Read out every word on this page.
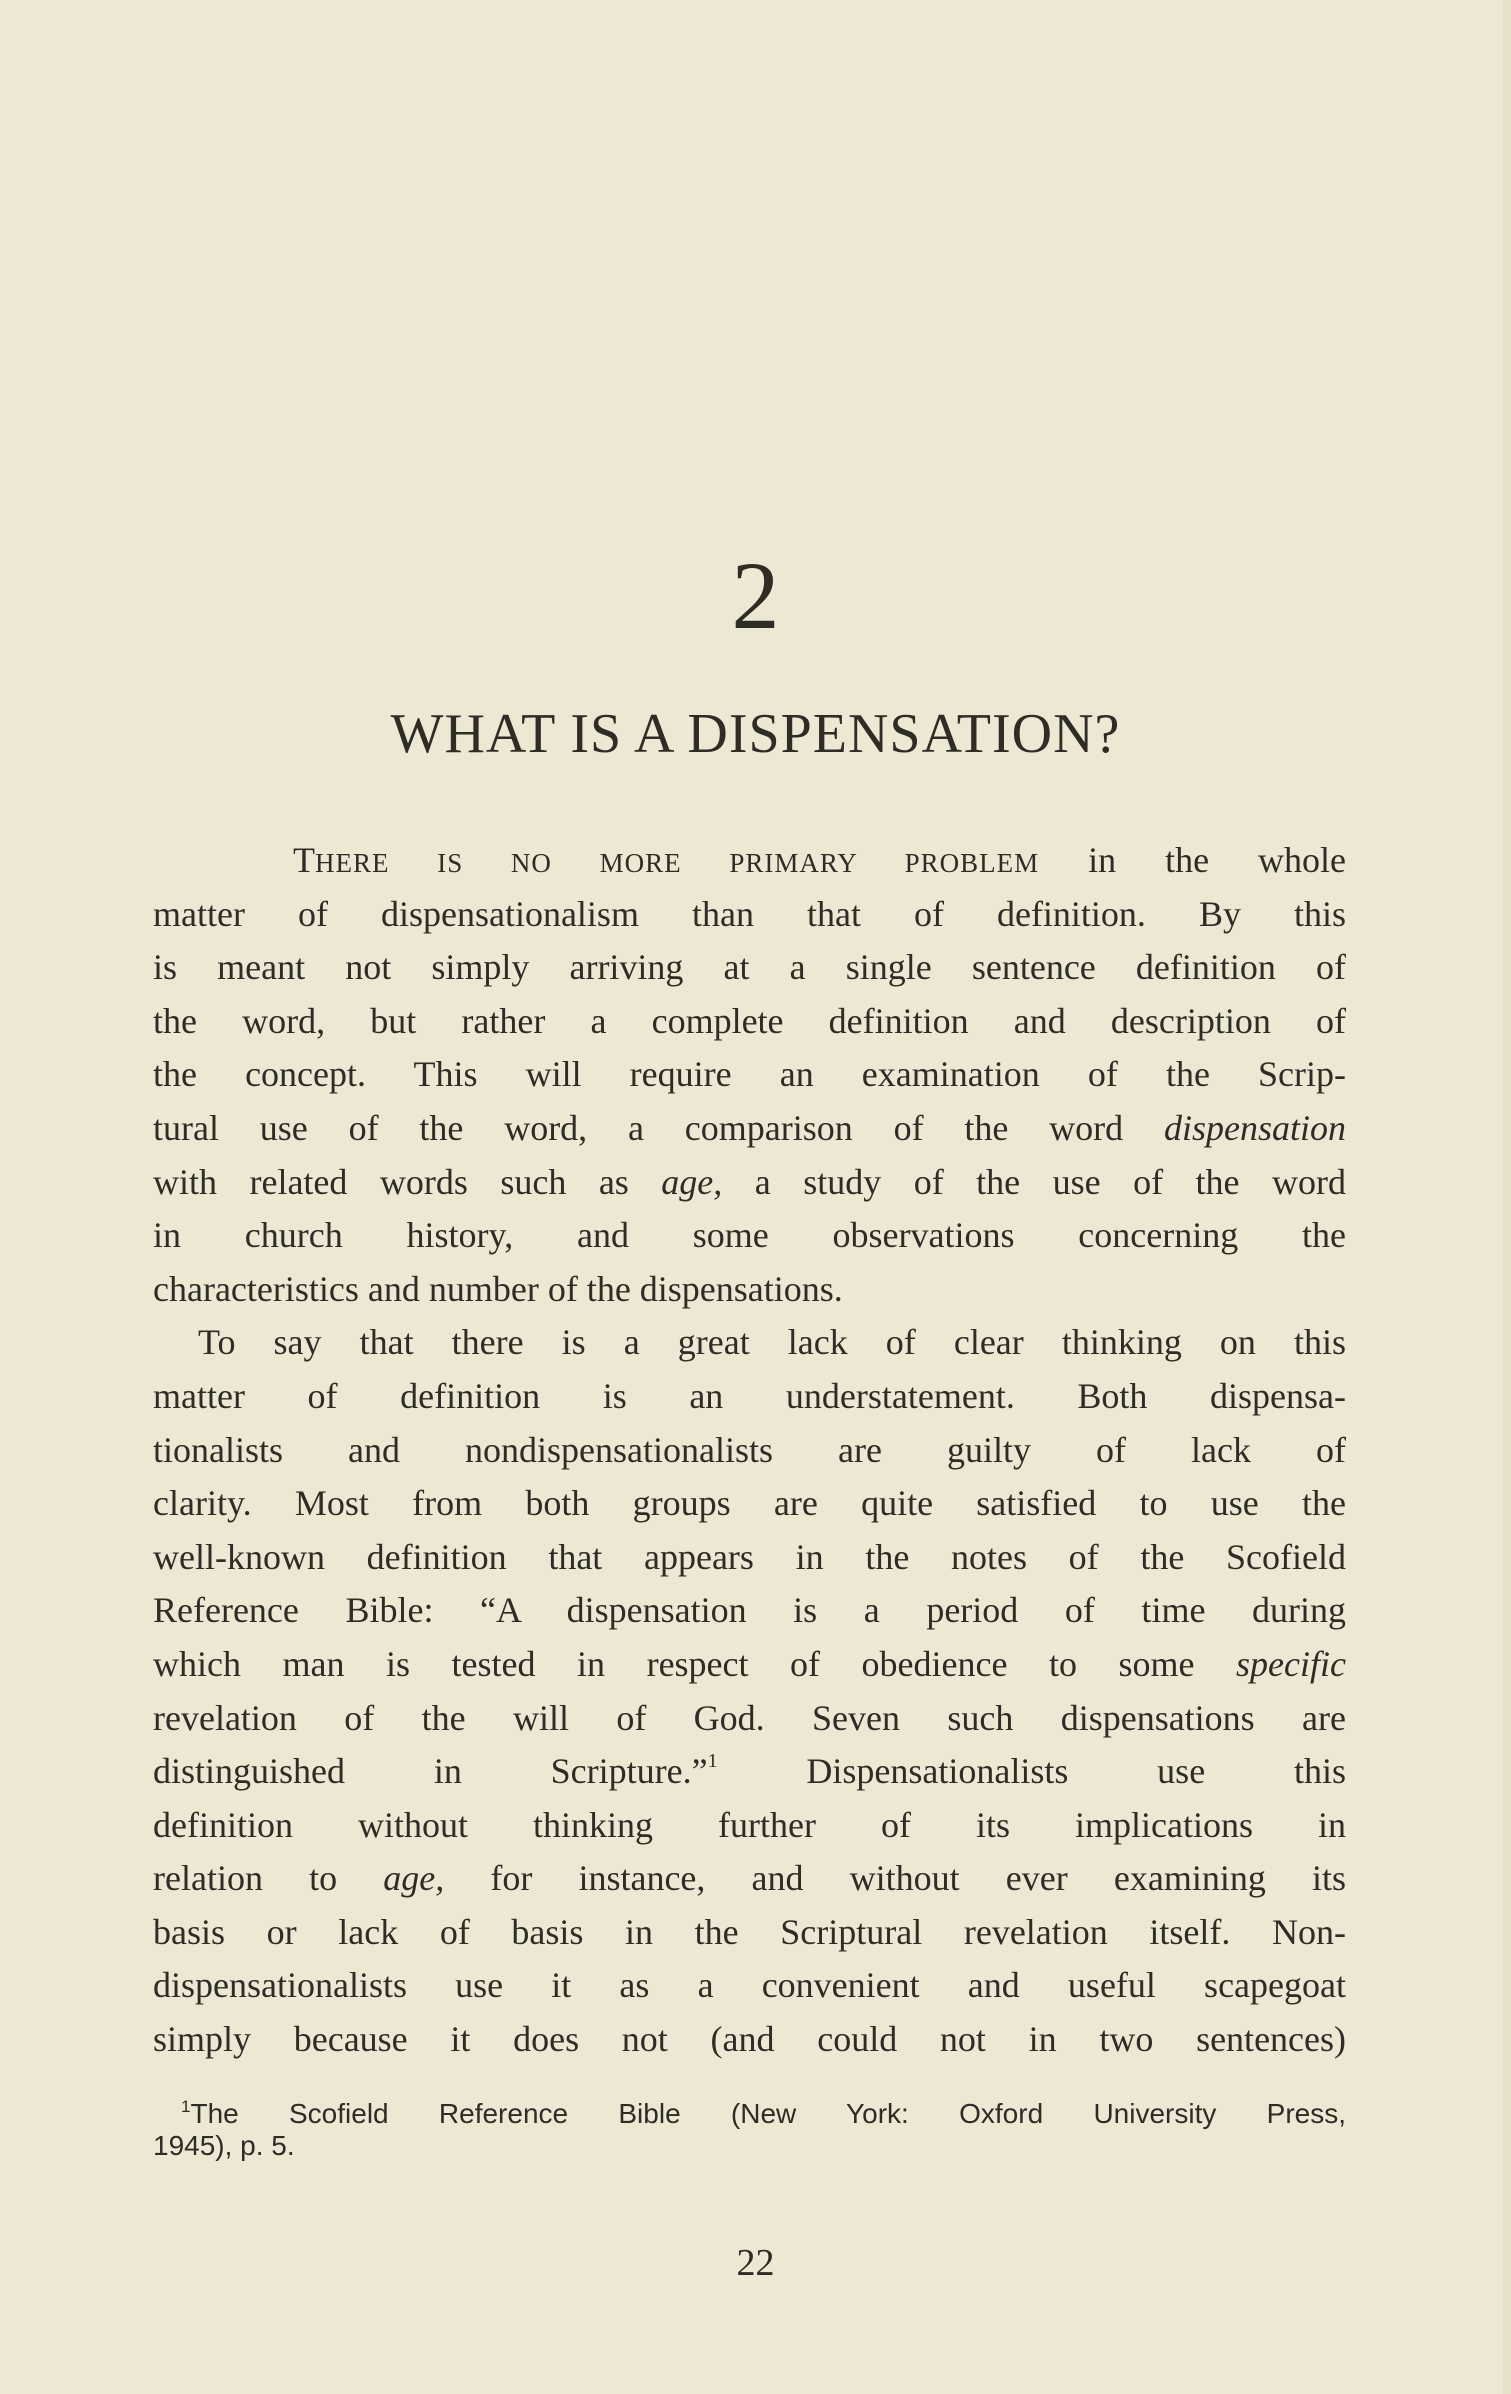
2
WHAT IS A DISPENSATION?
THERE IS NO MORE PRIMARY PROBLEM in the whole
matter of dispensationalism than that of definition. By this
is meant not simply arriving at a single sentence definition of
the word, but rather a complete definition and description of
the concept. This will require an examination of the Scrip-
tural use of the word, a comparison of the word dispensation
with related words such as age, a study of the use of the word
in church history, and some observations concerning the
characteristics and number of the dispensations.
To say that there is a great lack of clear thinking on this
matter of definition is an understatement. Both dispensa-
tionalists and nondispensationalists are guilty of lack of
clarity. Most from both groups are quite satisfied to use the
well-known definition that appears in the notes of the Scofield
Reference Bible: “A dispensation is a period of time during
which man is tested in respect of obedience to some specific
revelation of the will of God. Seven such dispensations are
distinguished in Scripture.”$^1$ Dispensationalists use this
definition without thinking further of its implications in
relation to age, for instance, and without ever examining its
basis or lack of basis in the Scriptural revelation itself. Non-
dispensationalists use it as a convenient and useful scapegoat
simply because it does not (and could not in two sentences)
$^1$The Scofield Reference Bible (New York: Oxford University Press,
1945), p. 5.
22
